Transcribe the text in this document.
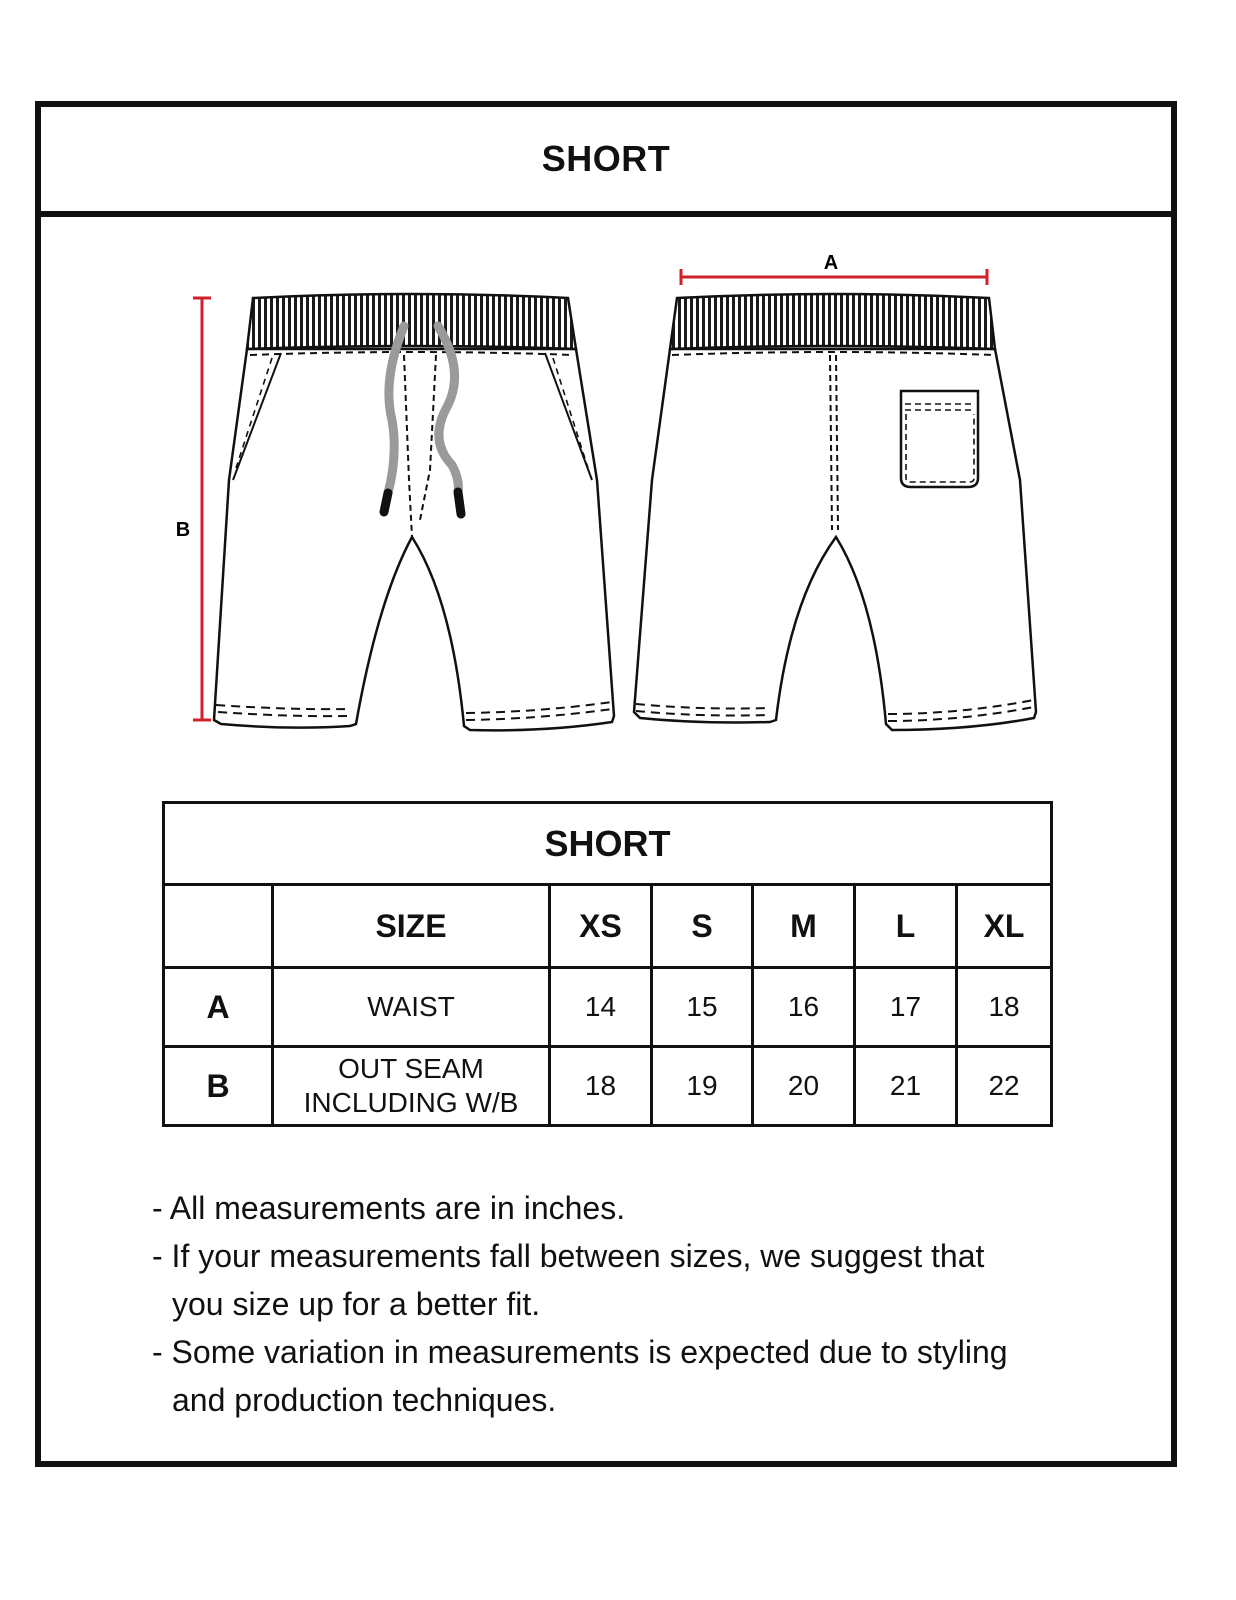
SHORT
B
A
SHORT						
	SIZE	XS	S	M	L	XL
A	WAIST	14	15	16	17	18
B	OUT SEAM
INCLUDING W/B	18	19	20	21	22

- All measurements are in inches.

- If your measurements fall between sizes, we suggest that you size up for a better fit.

- Some variation in measurements is expected due to styling and production techniques.
